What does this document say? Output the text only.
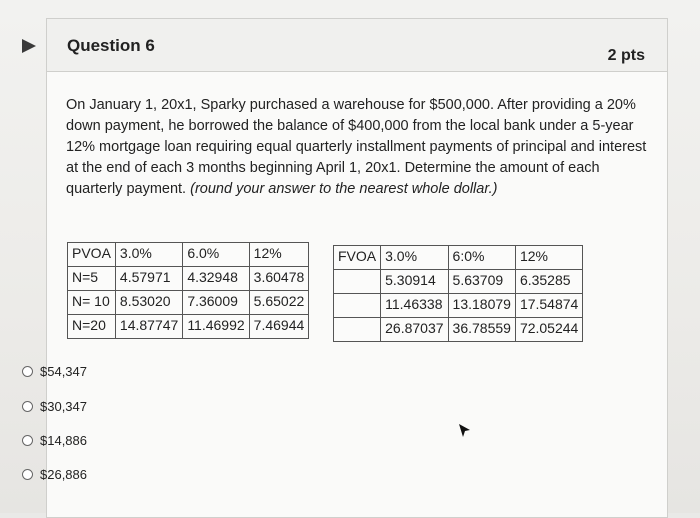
Question 6
2 pts
On January 1, 20x1, Sparky purchased a warehouse for $500,000. After providing a 20% down payment, he borrowed the balance of $400,000 from the local bank under a 5-year 12% mortgage loan requiring equal quarterly installment payments of principal and interest at the end of each 3 months beginning April 1, 20x1. Determine the amount of each quarterly payment. (round your answer to the nearest whole dollar.)
PVOA	3.0%	6.0%	12%
N=5	4.57971	4.32948	3.60478
N= 10	8.53020	7.36009	5.65022
N=20	14.87747	11.46992	7.46944
FVOA	3.0%	6:0%	12%
	5.30914	5.63709	6.35285
	11.46338	13.18079	17.54874
	26.87037	36.78559	72.05244
$54,347
$30,347
$14,886
$26,886
